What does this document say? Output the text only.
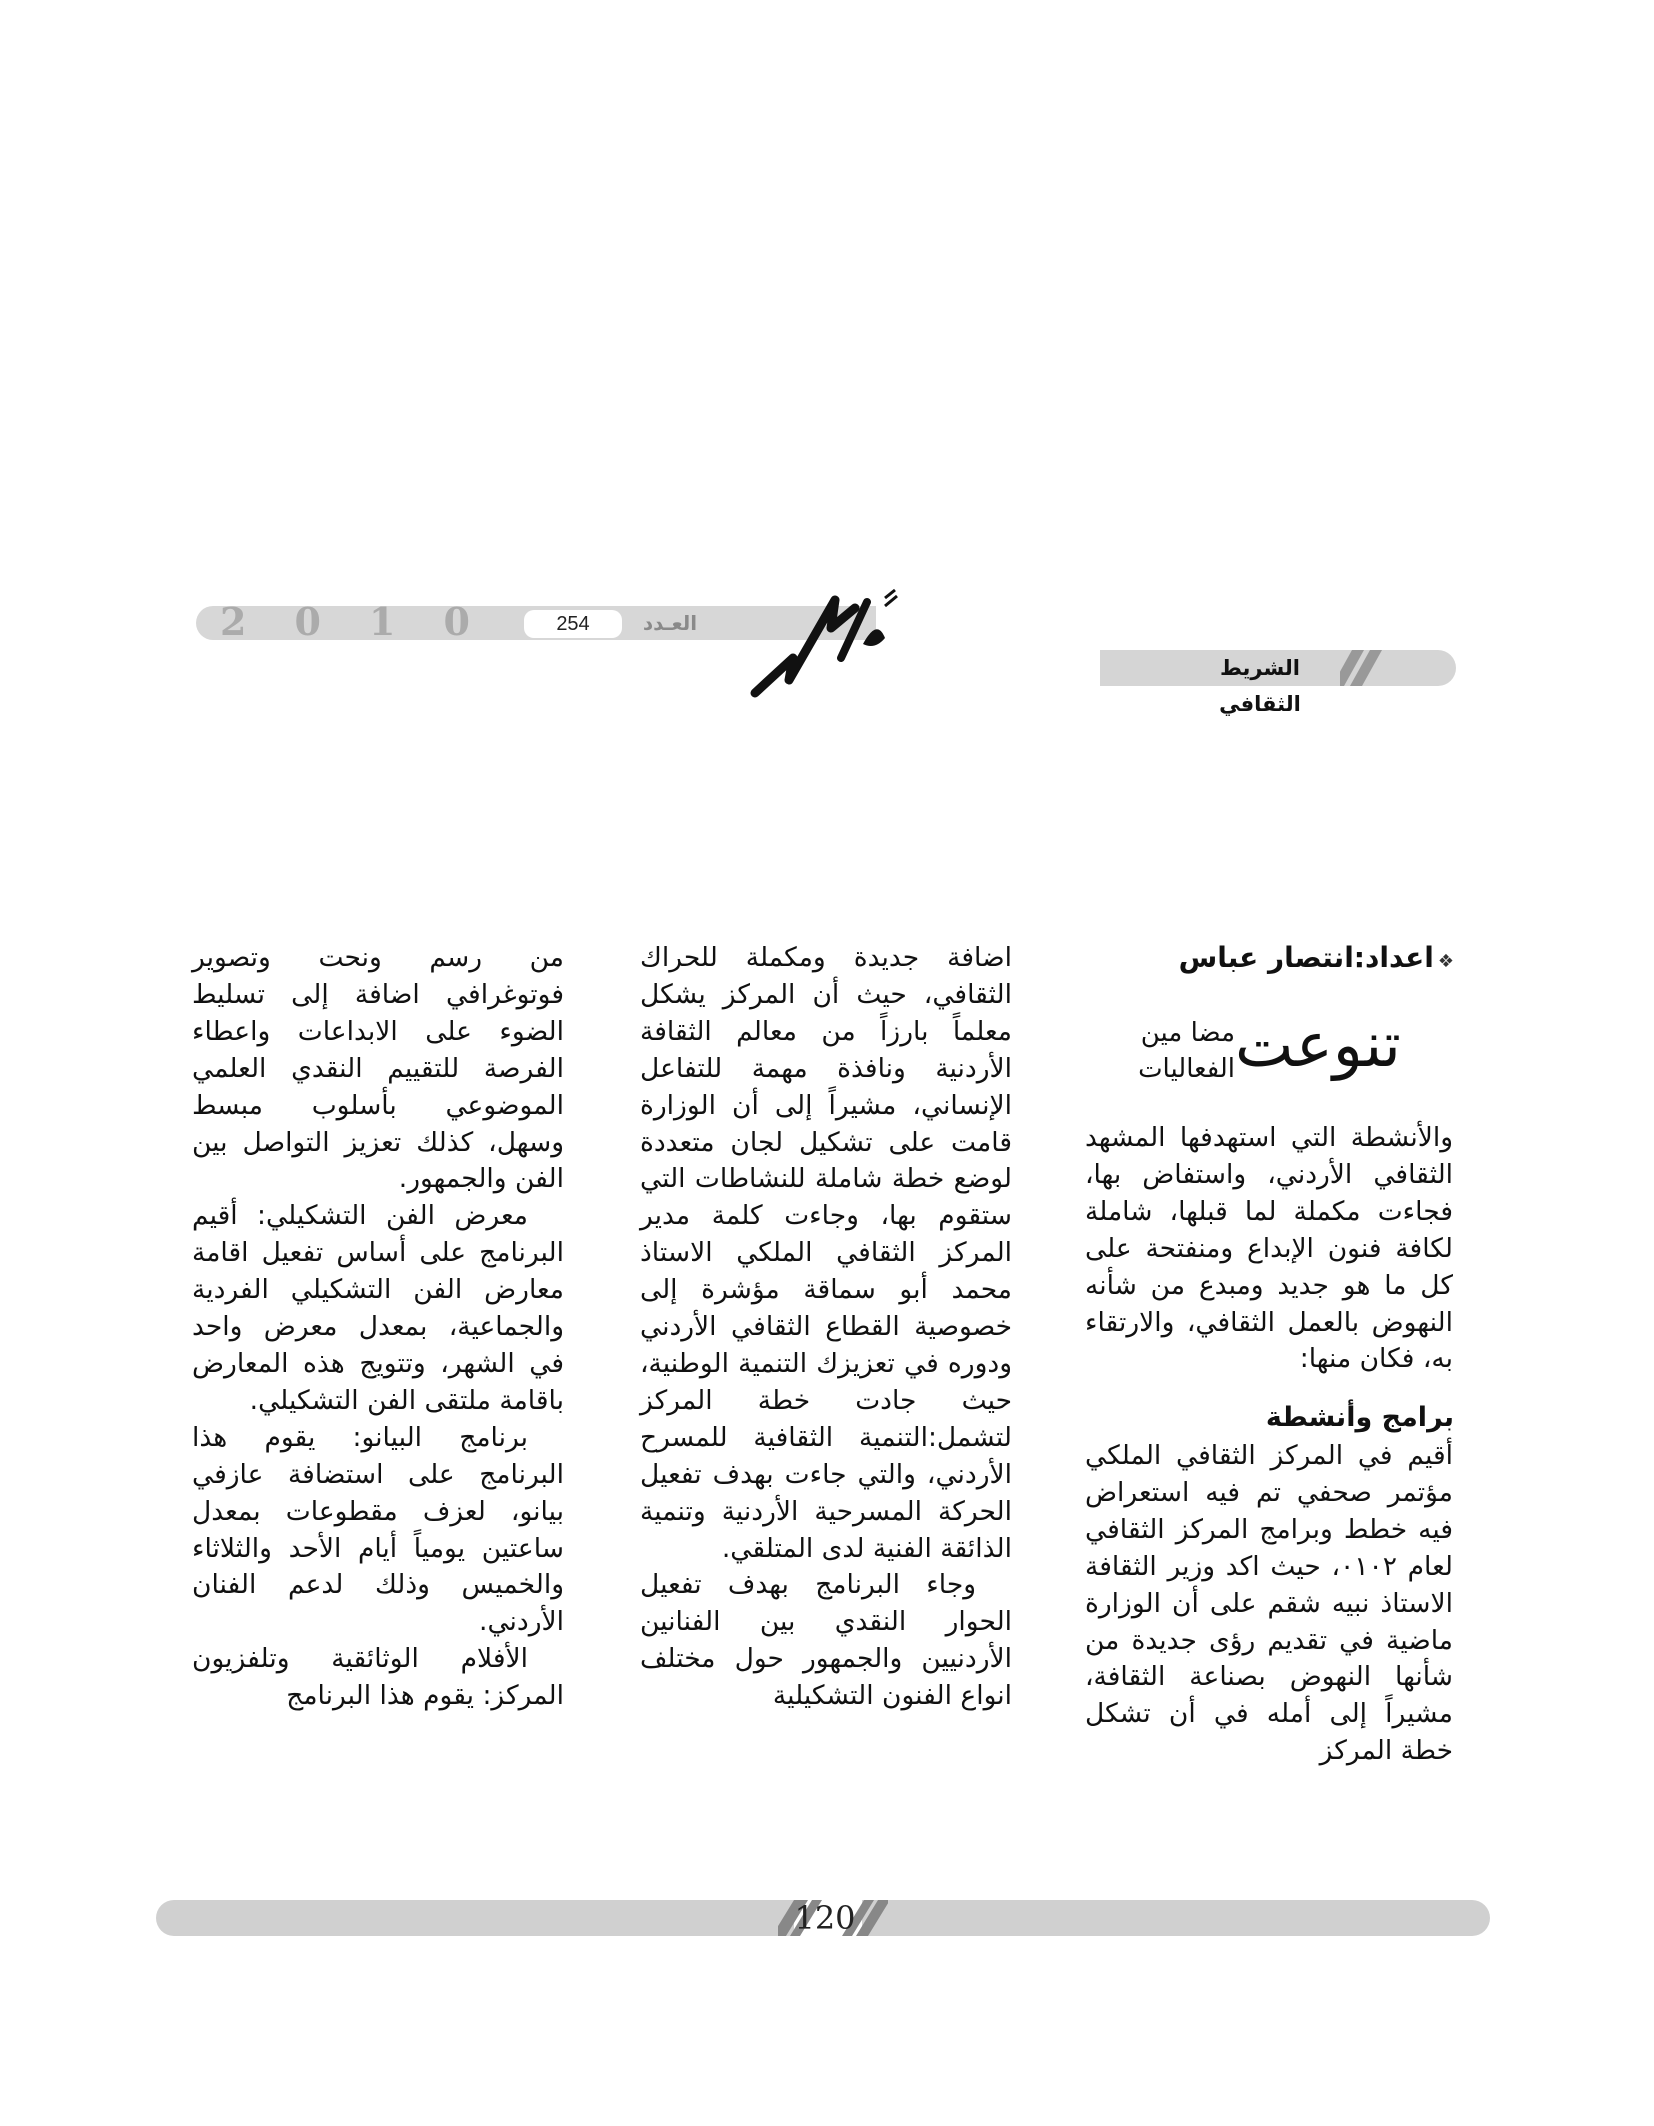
2 0 1 0	254	العـدد
الشريط الثقافي
❖اعداد:انتصار عباس
تنوعت
مضا مين الفعاليات

والأنشطة التي استهدفها المشهد الثقافي الأردني، واستفاض بها، فجاءت مكملة لما قبلها، شاملة لكافة فنون الإبداع ومنفتحة على كل ما هو جديد ومبدع من شأنه النهوض بالعمل الثقافي، والارتقاء به، فكان منها:

برامج وأنشطة

أقيم في المركز الثقافي الملكي مؤتمر صحفي تم فيه استعراض فيه خطط وبرامج المركز الثقافي لعام ٠١٠٢، حيث اكد وزير الثقافة الاستاذ نبيه شقم على أن الوزارة ماضية في تقديم رؤى جديدة من شأنها النهوض بصناعة الثقافة، مشيراً إلى أمله في أن تشكل خطة المركز

اضافة جديدة ومكملة للحراك الثقافي، حيث أن المركز يشكل معلماً بارزاً من معالم الثقافة الأردنية ونافذة مهمة للتفاعل الإنساني، مشيراً إلى أن الوزارة قامت على تشكيل لجان متعددة لوضع خطة شاملة للنشاطات التي ستقوم بها، وجاءت كلمة مدير المركز الثقافي الملكي الاستاذ محمد أبو سماقة مؤشرة إلى خصوصية القطاع الثقافي الأردني ودوره في تعزيزك التنمية الوطنية، حيث جادت خطة المركز لتشمل:التنمية الثقافية للمسرح الأردني، والتي جاءت بهدف تفعيل الحركة المسرحية الأردنية وتنمية الذائقة الفنية لدى المتلقي.

وجاء البرنامج بهدف تفعيل الحوار النقدي بين الفنانين الأردنيين والجمهور حول مختلف انواع الفنون التشكيلية

من رسم ونحت وتصوير فوتوغرافي اضافة إلى تسليط الضوء على الابداعات واعطاء الفرصة للتقييم النقدي العلمي الموضوعي بأسلوب مبسط وسهل، كذلك تعزيز التواصل بين الفن والجمهور.

معرض الفن التشكيلي: أقيم البرنامج على أساس تفعيل اقامة معارض الفن التشكيلي الفردية والجماعية، بمعدل معرض واحد في الشهر، وتتويج هذه المعارض باقامة ملتقى الفن التشكيلي.

برنامج البيانو: يقوم هذا البرنامج على استضافة عازفي بيانو، لعزف مقطوعات بمعدل ساعتين يومياً أيام الأحد والثلاثاء والخميس وذلك لدعم الفنان الأردني.

الأفلام الوثائقية وتلفزيون المركز: يقوم هذا البرنامج

120
